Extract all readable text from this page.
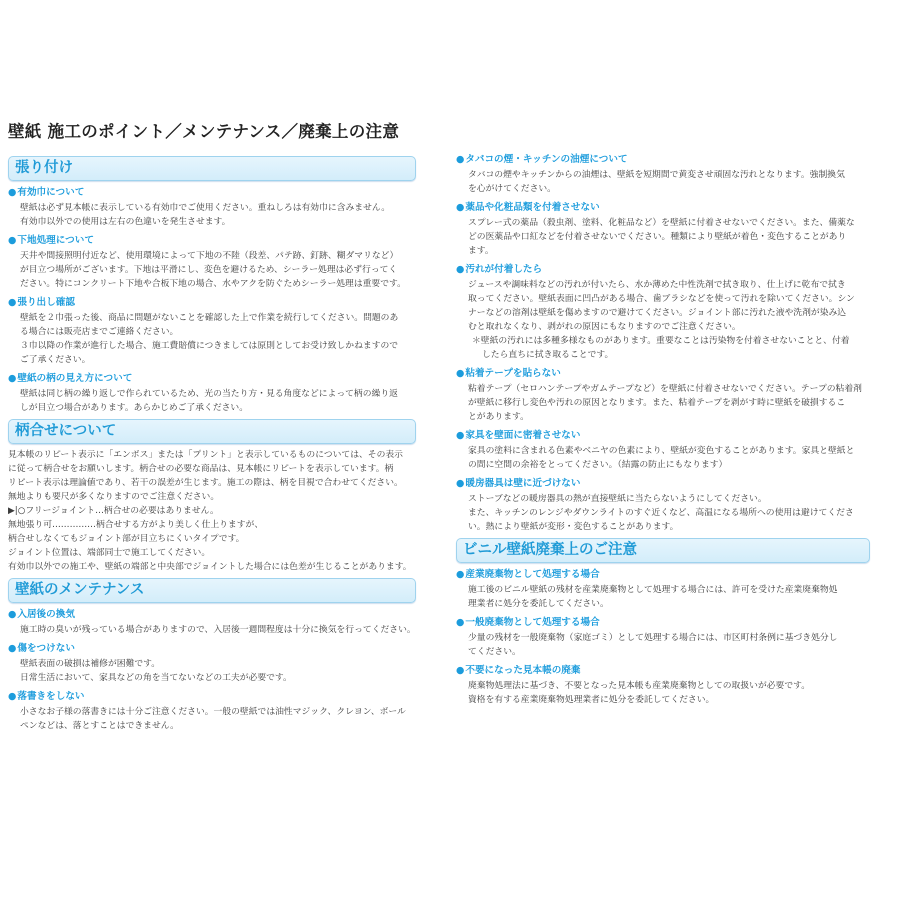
壁紙 施工のポイント／メンテナンス／廃棄上の注意
張り付け
● 有効巾について
壁紙は必ず見本帳に表示している有効巾でご使用ください。重ねしろは有効巾に含みません。
有効巾以外での使用は左右の色違いを発生させます。
● 下地処理について
天井や間接照明付近など、使用環境によって下地の不陸（段差、パテ跡、釘跡、糊ダマリなど）
が目立つ場所がございます。下地は平滑にし、変色を避けるため、シーラー処理は必ず行ってく
ださい。特にコンクリート下地や合板下地の場合、水やアクを防ぐためシーラー処理は重要です。
● 張り出し確認
壁紙を２巾張った後、商品に問題がないことを確認した上で作業を続行してください。問題のあ
る場合には販売店までご連絡ください。
３巾以降の作業が進行した場合、施工費賠償につきましては原則としてお受け致しかねますので
ご了承ください。
● 壁紙の柄の見え方について
壁紙は同じ柄の繰り返しで作られているため、光の当たり方・見る角度などによって柄の繰り返
しが目立つ場合があります。あらかじめご了承ください。
柄合せについて
見本帳のリピート表示に「エンボス」または「プリント」と表示しているものについては、その表示
に従って柄合せをお願いします。柄合せの必要な商品は、見本帳にリピートを表示しています。柄
リピート表示は理論値であり、若干の誤差が生じます。施工の際は、柄を目視で合わせてください。
無地よりも要尺が多くなりますのでご注意ください。
▶|○フリージョイント…柄合せの必要はありません。
無地張り可……………柄合せする方がより美しく仕上りますが、
柄合せしなくてもジョイント部が目立ちにくいタイプです。
ジョイント位置は、端部同士で施工してください。
有効巾以外での施工や、壁紙の端部と中央部でジョイントした場合には色差が生じることがあります。
壁紙のメンテナンス
● 入居後の換気
施工時の臭いが残っている場合がありますので、入居後一週間程度は十分に換気を行ってください。
● 傷をつけない
壁紙表面の破損は補修が困難です。
日常生活において、家具などの角を当てないなどの工夫が必要です。
● 落書きをしない
小さなお子様の落書きには十分ご注意ください。一般の壁紙では油性マジック、クレヨン、ボール
ペンなどは、落とすことはできません。
● タバコの煙・キッチンの油煙について
タバコの煙やキッチンからの油煙は、壁紙を短期間で黄変させ頑固な汚れとなります。強制換気
を心がけてください。
● 薬品や化粧品類を付着させない
スプレー式の薬品（殺虫剤、塗料、化粧品など）を壁紙に付着させないでください。また、備薬な
どの医薬品や口紅などを付着させないでください。種類により壁紙が着色・変色することがあり
ます。
● 汚れが付着したら
ジュースや調味料などの汚れが付いたら、水か薄めた中性洗剤で拭き取り、仕上げに乾布で拭き
取ってください。壁紙表面に凹凸がある場合、歯ブラシなどを使って汚れを除いてください。シン
ナーなどの溶剤は壁紙を傷めますので避けてください。ジョイント部に汚れた液や洗剤が染み込
むと取れなくなり、剥がれの原因にもなりますのでご注意ください。
＊壁紙の汚れには多種多様なものがあります。重要なことは汚染物を付着させないことと、付着
したら直ちに拭き取ることです。
● 粘着テープを貼らない
粘着テープ（セロハンテープやガムテープなど）を壁紙に付着させないでください。テープの粘着剤
が壁紙に移行し変色や汚れの原因となります。また、粘着テープを剥がす時に壁紙を破損するこ
とがあります。
● 家具を壁面に密着させない
家具の塗料に含まれる色素やベニヤの色素により、壁紙が変色することがあります。家具と壁紙と
の間に空間の余裕をとってください。（結露の防止にもなります）
● 暖房器具は壁に近づけない
ストーブなどの暖房器具の熱が直接壁紙に当たらないようにしてください。
また、キッチンのレンジやダウンライトのすぐ近くなど、高温になる場所への使用は避けてくださ
い。熱により壁紙が変形・変色することがあります。
ビニル壁紙廃棄上のご注意
● 産業廃棄物として処理する場合
施工後のビニル壁紙の残材を産業廃棄物として処理する場合には、許可を受けた産業廃棄物処
理業者に処分を委託してください。
● 一般廃棄物として処理する場合
少量の残材を一般廃棄物（家庭ゴミ）として処理する場合には、市区町村条例に基づき処分し
てください。
● 不要になった見本帳の廃棄
廃棄物処理法に基づき、不要となった見本帳も産業廃棄物としての取扱いが必要です。
資格を有する産業廃棄物処理業者に処分を委託してください。
